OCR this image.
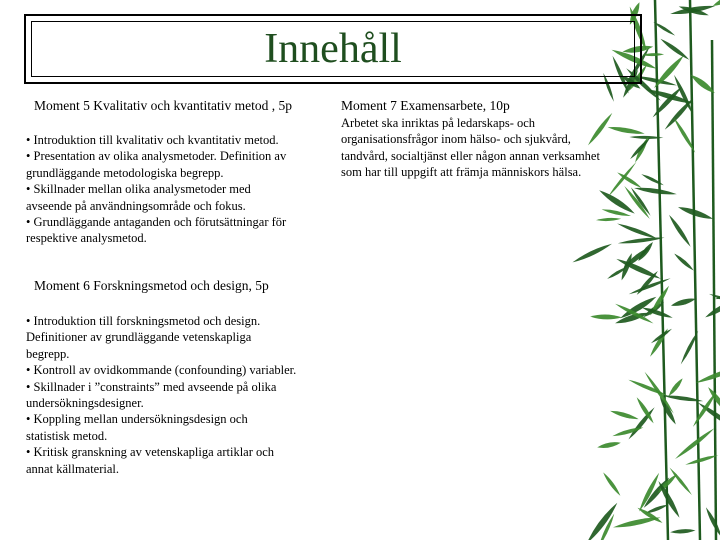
Innehåll
Moment 5 Kvalitativ och kvantitativ metod , 5p
• Introduktion till kvalitativ och kvantitativ metod.
• Presentation av olika analysmetoder. Definition av
grundläggande metodologiska begrepp.
• Skillnader mellan olika analysmetoder med
avseende på användningsområde och fokus.
• Grundläggande antaganden och förutsättningar för
respektive analysmetod.
Moment 6 Forskningsmetod och design, 5p
• Introduktion till forskningsmetod och design.
Definitioner av grundläggande vetenskapliga
begrepp.
• Kontroll av ovidkommande (confounding) variabler.
• Skillnader i ”constraints” med avseende på olika
undersökningsdesigner.
• Koppling mellan undersökningsdesign och
statistisk metod.
• Kritisk granskning av vetenskapliga artiklar och
annat källmaterial.
Moment 7 Examensarbete, 10p
Arbetet ska inriktas på ledarskaps- och
organisationsfrågor inom hälso- och sjukvård,
tandvård, socialtjänst eller någon annan verksamhet
som har till uppgift att främja människors hälsa.
